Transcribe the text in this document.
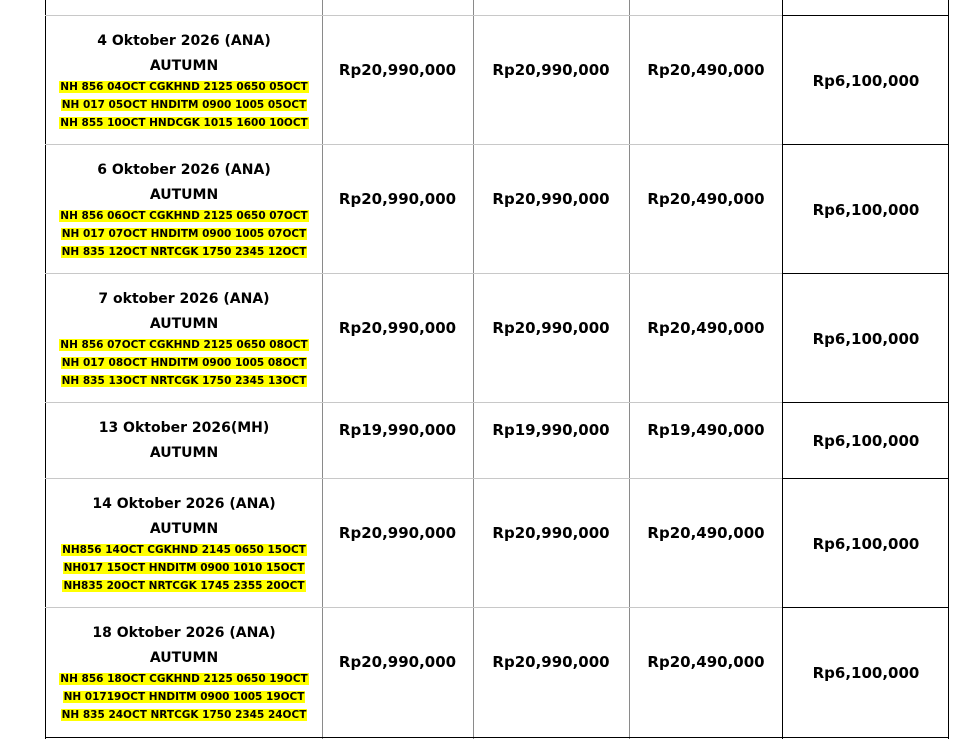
4 Oktober 2026 (ANA)
AUTUMN
NH 856 04OCT CGKHND 2125 0650 05OCT
NH 017 05OCT HNDITM 0900 1005 05OCT
NH 855 10OCT HNDCGK 1015 1600 10OCT
Rp20,990,000	Rp20,990,000	Rp20,490,000
Rp6,100,000
6 Oktober 2026 (ANA)
AUTUMN
NH 856 06OCT CGKHND 2125 0650 07OCT
NH 017 07OCT HNDITM 0900 1005 07OCT
NH 835 12OCT NRTCGK 1750 2345 12OCT
Rp20,990,000	Rp20,990,000	Rp20,490,000
Rp6,100,000
7 oktober 2026 (ANA)
AUTUMN
NH 856 07OCT CGKHND 2125 0650 08OCT
NH 017 08OCT HNDITM 0900 1005 08OCT
NH 835 13OCT NRTCGK 1750 2345 13OCT
Rp20,990,000	Rp20,990,000	Rp20,490,000
Rp6,100,000
13 Oktober 2026(MH)
AUTUMN
Rp19,990,000	Rp19,990,000	Rp19,490,000
Rp6,100,000
14 Oktober 2026 (ANA)
AUTUMN
NH856 14OCT CGKHND 2145 0650 15OCT
NH017 15OCT HNDITM 0900 1010 15OCT
NH835 20OCT NRTCGK 1745 2355 20OCT
Rp20,990,000	Rp20,990,000	Rp20,490,000
Rp6,100,000
18 Oktober 2026 (ANA)
AUTUMN
NH 856 18OCT CGKHND 2125 0650 19OCT
NH 01719OCT HNDITM 0900 1005 19OCT
NH 835 24OCT NRTCGK 1750 2345 24OCT
Rp20,990,000	Rp20,990,000	Rp20,490,000
Rp6,100,000
